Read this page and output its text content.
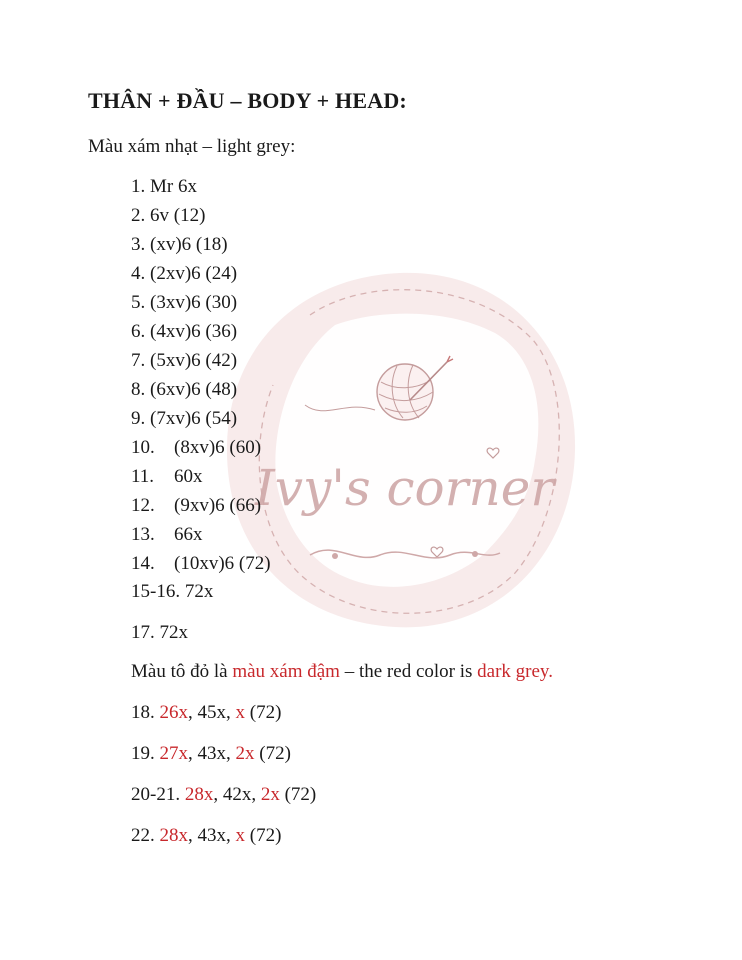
Ivy's corner
THÂN + ĐẦU – BODY + HEAD:
Màu xám nhạt – light grey:
1. Mr 6x
2. 6v (12)
3. (xv)6 (18)
4. (2xv)6 (24)
5. (3xv)6 (30)
6. (4xv)6 (36)
7. (5xv)6 (42)
8. (6xv)6 (48)
9. (7xv)6 (54)
10. (8xv)6 (60)
11. 60x
12. (9xv)6 (66)
13. 66x
14. (10xv)6 (72)
15-16. 72x
17. 72x
Màu tô đỏ là màu xám đậm – the red color is dark grey.
18. 26x, 45x, x (72)
19. 27x, 43x, 2x (72)
20-21. 28x, 42x, 2x (72)
22. 28x, 43x, x (72)
